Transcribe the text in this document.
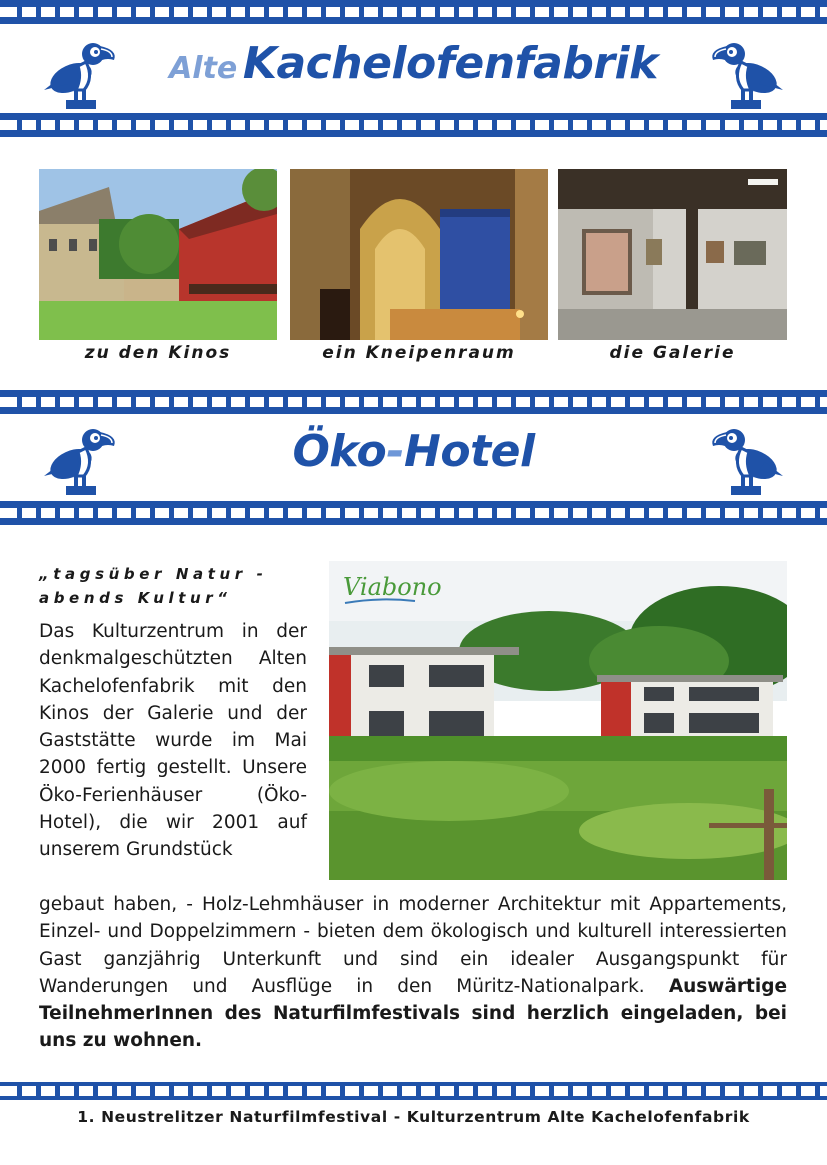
Alte Kachelofenfabrik
zu den Kinos	ein Kneipenraum	die Galerie
Öko-Hotel
„tagsüber Natur - abends Kultur“	Viabono
Das Kulturzentrum in der denkmalgeschützten Alten Kachelofenfabrik mit den Kinos der Galerie und der Gaststätte wurde im Mai 2000 fertig gestellt. Unsere Öko-Ferienhäuser (Öko-Hotel), die wir 2001 auf unserem Grundstück
gebaut haben, - Holz-Lehmhäuser in moderner Architektur mit Appartements, Einzel- und Doppelzimmern - bieten dem ökologisch und kulturell interessierten Gast ganzjährig Unterkunft und sind ein idealer Ausgangspunkt für Wanderungen und Ausflüge in den Müritz-Nationalpark. Auswärtige TeilnehmerInnen des Naturfilmfestivals sind herzlich eingeladen, bei uns zu wohnen.
1. Neustrelitzer Naturfilmfestival - Kulturzentrum Alte Kachelofenfabrik
